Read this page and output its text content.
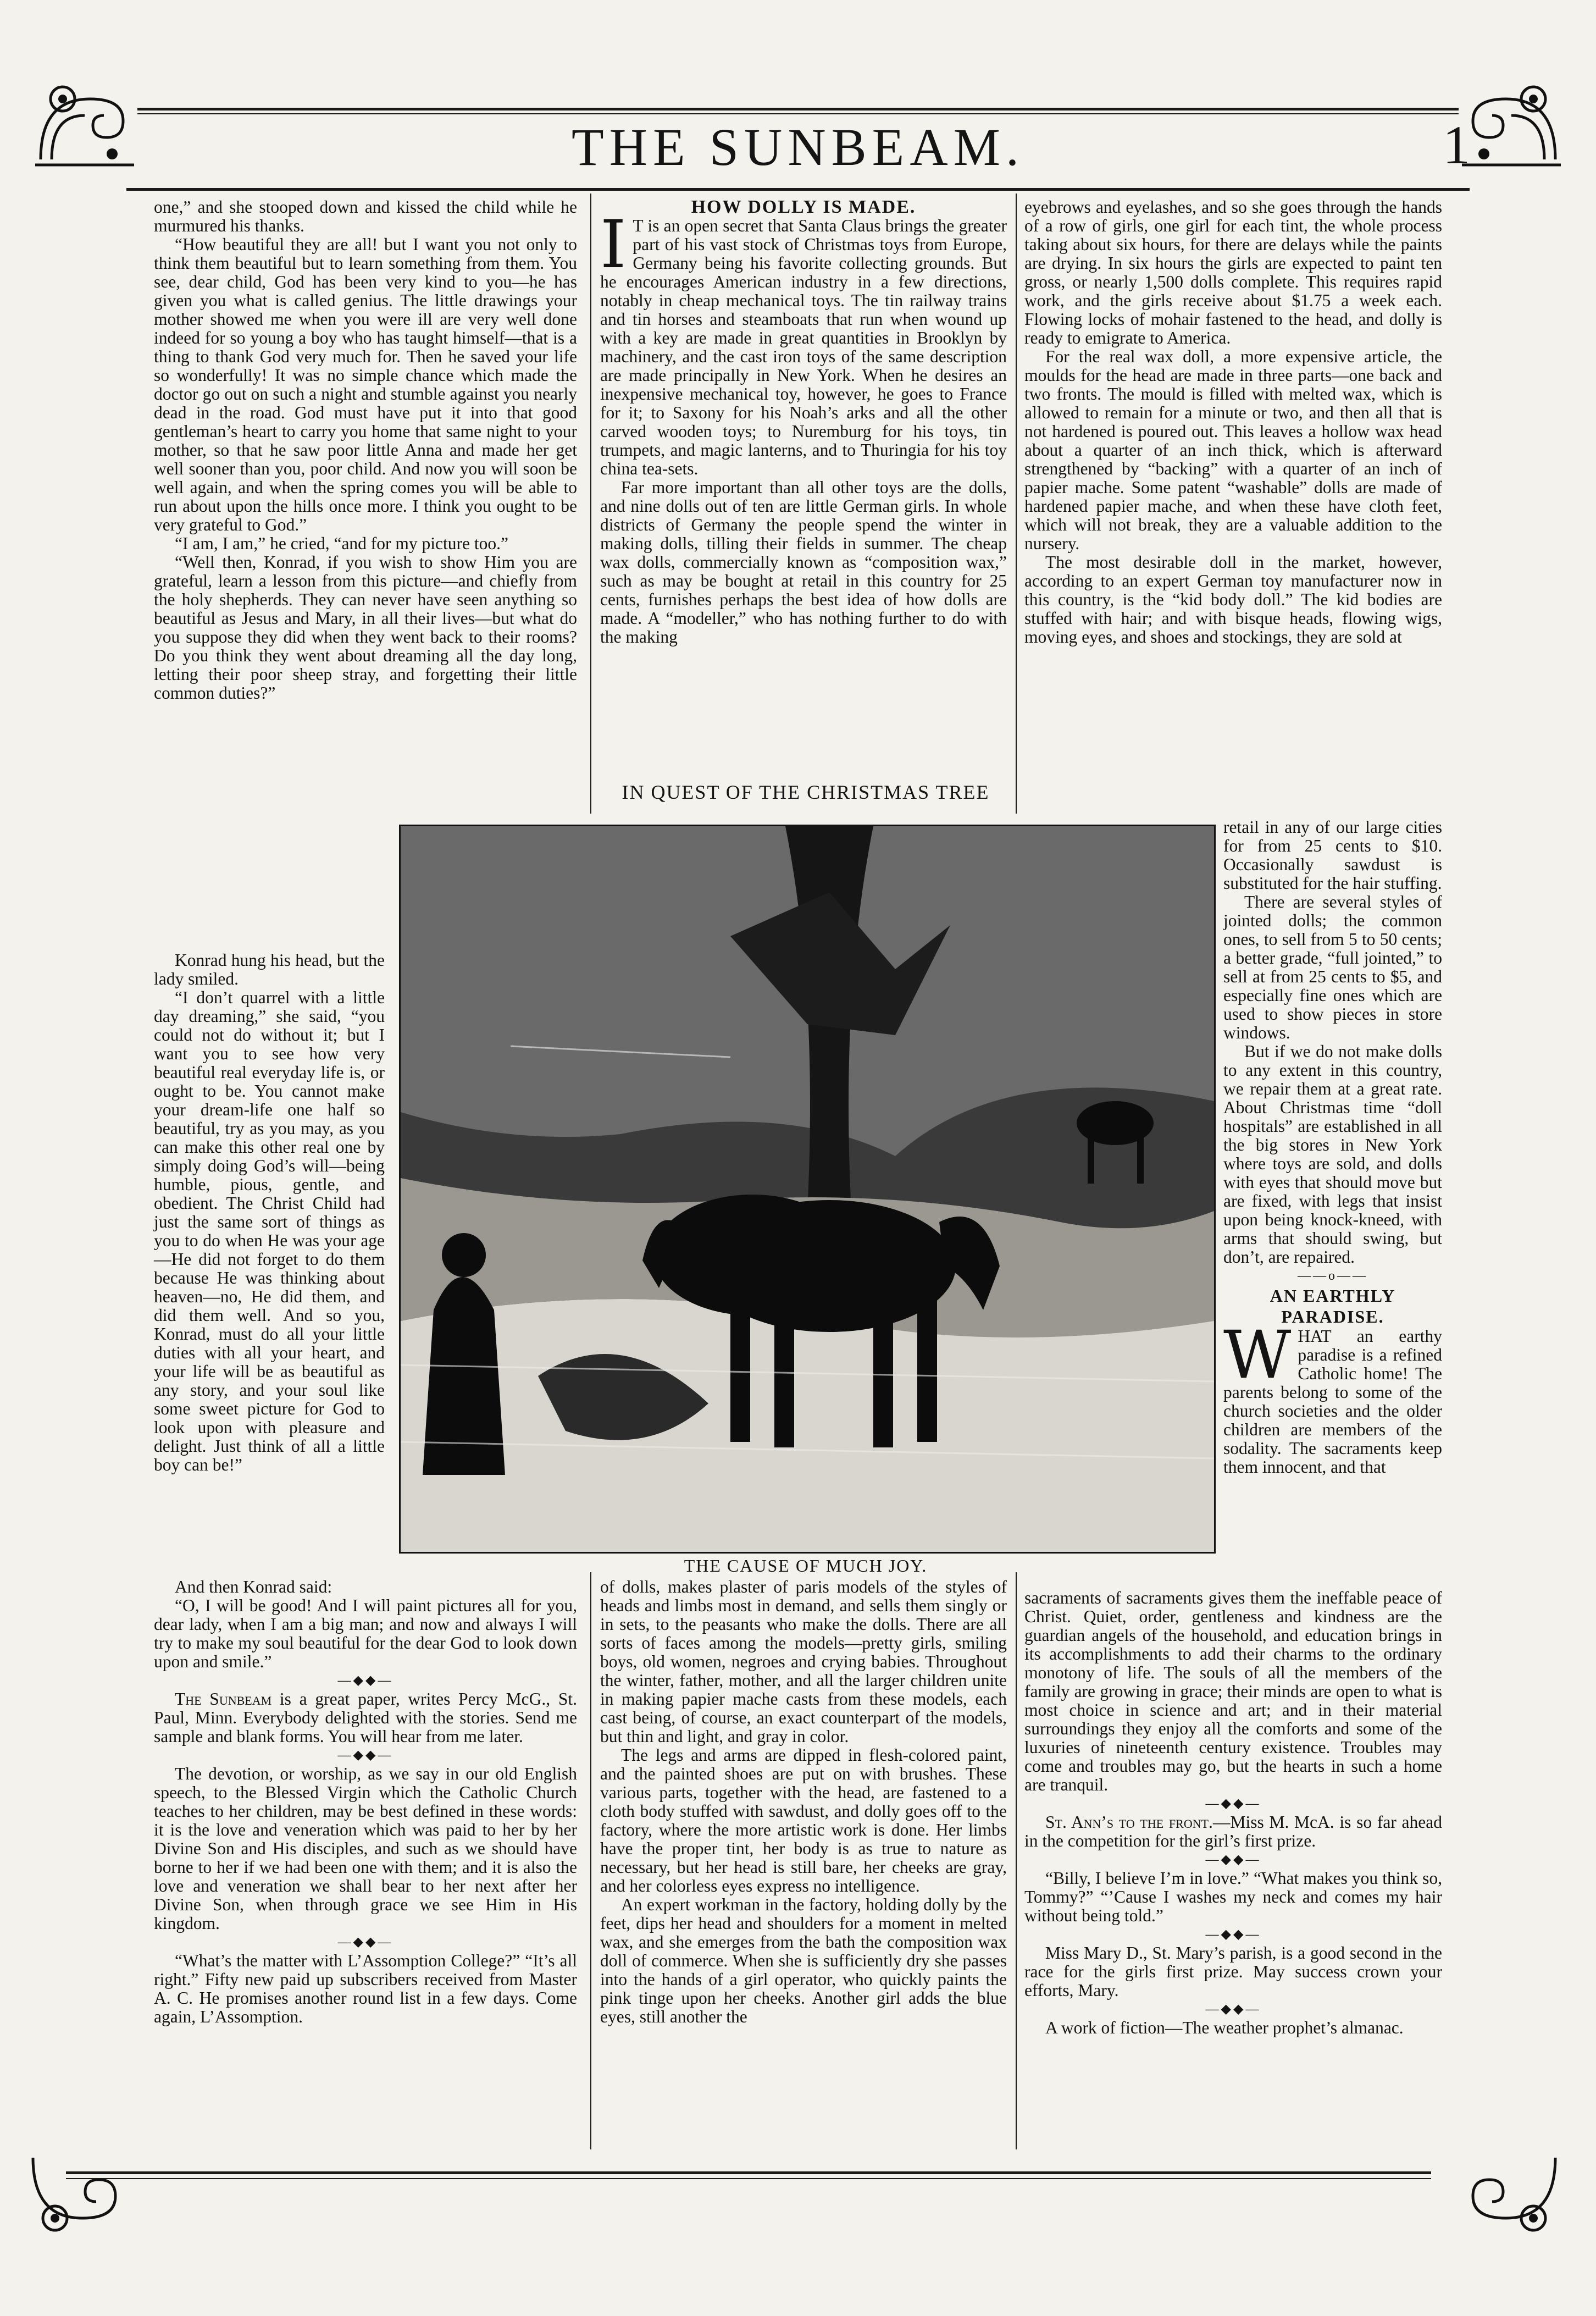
THE SUNBEAM.	1

one,” and she stooped down and kissed the child while he murmured his thanks.

“How beautiful they are all! but I want you not only to think them beautiful but to learn something from them. You see, dear child, God has been very kind to you—he has given you what is called genius. The little drawings your mother showed me when you were ill are very well done indeed for so young a boy who has taught himself—that is a thing to thank God very much for. Then he saved your life so wonderfully! It was no simple chance which made the doctor go out on such a night and stumble against you nearly dead in the road. God must have put it into that good gentleman’s heart to carry you home that same night to your mother, so that he saw poor little Anna and made her get well sooner than you, poor child. And now you will soon be well again, and when the spring comes you will be able to run about upon the hills once more. I think you ought to be very grateful to God.”

“I am, I am,” he cried, “and for my picture too.”

“Well then, Konrad, if you wish to show Him you are grateful, learn a lesson from this picture—and chiefly from the holy shepherds. They can never have seen anything so beautiful as Jesus and Mary, in all their lives—but what do you suppose they did when they went back to their rooms? Do you think they went about dreaming all the day long, letting their poor sheep stray, and forgetting their little common duties?”

Konrad hung his head, but the lady smiled.

“I don’t quarrel with a little day dreaming,” she said, “you could not do without it; but I want you to see how very beautiful real everyday life is, or ought to be. You cannot make your dream-life one half so beautiful, try as you may, as you can make this other real one by simply doing God’s will—being humble, pious, gentle, and obedient. The Christ Child had just the same sort of things as you to do when He was your age—He did not forget to do them because He was thinking about heaven—no, He did them, and did them well. And so you, Konrad, must do all your little duties with all your heart, and your life will be as beautiful as any story, and your soul like some sweet picture for God to look upon with pleasure and delight. Just think of all a little boy can be!”

And then Konrad said:

“O, I will be good! And I will paint pictures all for you, dear lady, when I am a big man; and now and always I will try to make my soul beautiful for the dear God to look down upon and smile.”

—◆◆—

The Sunbeam is a great paper, writes Percy McG., St. Paul, Minn. Everybody delighted with the stories. Send me sample and blank forms. You will hear from me later.

—◆◆—

The devotion, or worship, as we say in our old English speech, to the Blessed Virgin which the Catholic Church teaches to her children, may be best defined in these words: it is the love and veneration which was paid to her by her Divine Son and His disciples, and such as we should have borne to her if we had been one with them; and it is also the love and veneration we shall bear to her next after her Divine Son, when through grace we see Him in His kingdom.

—◆◆—

“What’s the matter with L’Assomption College?” “It’s all right.” Fifty new paid up subscribers received from Master A. C. He promises another round list in a few days. Come again, L’Assomption.

HOW DOLLY IS MADE.

I T is an open secret that Santa Claus brings the greater part of his vast stock of Christmas toys from Europe, Germany being his favorite collecting grounds. But he encourages American industry in a few directions, notably in cheap mechanical toys. The tin railway trains and tin horses and steamboats that run when wound up with a key are made in great quantities in Brooklyn by machinery, and the cast iron toys of the same description are made principally in New York. When he desires an inexpensive mechanical toy, however, he goes to France for it; to Saxony for his Noah’s arks and all the other carved wooden toys; to Nuremburg for his toys, tin trumpets, and magic lanterns, and to Thuringia for his toy china tea-sets.

Far more important than all other toys are the dolls, and nine dolls out of ten are little German girls. In whole districts of Germany the people spend the winter in making dolls, tilling their fields in summer. The cheap wax dolls, commercially known as “composition wax,” such as may be bought at retail in this country for 25 cents, furnishes perhaps the best idea of how dolls are made. A “modeller,” who has nothing further to do with the making

of dolls, makes plaster of paris models of the styles of heads and limbs most in demand, and sells them singly or in sets, to the peasants who make the dolls. There are all sorts of faces among the models—pretty girls, smiling boys, old women, negroes and crying babies. Throughout the winter, father, mother, and all the larger children unite in making papier mache casts from these models, each cast being, of course, an exact counterpart of the models, but thin and light, and gray in color.

The legs and arms are dipped in flesh-colored paint, and the painted shoes are put on with brushes. These various parts, together with the head, are fastened to a cloth body stuffed with sawdust, and dolly goes off to the factory, where the more artistic work is done. Her limbs have the proper tint, her body is as true to nature as necessary, but her head is still bare, her cheeks are gray, and her colorless eyes express no intelligence.

An expert workman in the factory, holding dolly by the feet, dips her head and shoulders for a moment in melted wax, and she emerges from the bath the composition wax doll of commerce. When she is sufficiently dry she passes into the hands of a girl operator, who quickly paints the pink tinge upon her cheeks. Another girl adds the blue eyes, still another the

eyebrows and eyelashes, and so she goes through the hands of a row of girls, one girl for each tint, the whole process taking about six hours, for there are delays while the paints are drying. In six hours the girls are expected to paint ten gross, or nearly 1,500 dolls complete. This requires rapid work, and the girls receive about $1.75 a week each. Flowing locks of mohair fastened to the head, and dolly is ready to emigrate to America.

For the real wax doll, a more expensive article, the moulds for the head are made in three parts—one back and two fronts. The mould is filled with melted wax, which is allowed to remain for a minute or two, and then all that is not hardened is poured out. This leaves a hollow wax head about a quarter of an inch thick, which is afterward strengthened by “backing” with a quarter of an inch of papier mache. Some patent “washable” dolls are made of hardened papier mache, and when these have cloth feet, which will not break, they are a valuable addition to the nursery.

The most desirable doll in the market, however, according to an expert German toy manufacturer now in this country, is the “kid body doll.” The kid bodies are stuffed with hair; and with bisque heads, flowing wigs, moving eyes, and shoes and stockings, they are sold at

retail in any of our large cities for from 25 cents to $10. Occasionally sawdust is substituted for the hair stuffing.

There are several styles of jointed dolls; the common ones, to sell from 5 to 50 cents; a better grade, “full jointed,” to sell at from 25 cents to $5, and especially fine ones which are used to show pieces in store windows.

But if we do not make dolls to any extent in this country, we repair them at a great rate. About Christmas time “doll hospitals” are established in all the big stores in New York where toys are sold, and dolls with eyes that should move but are fixed, with legs that insist upon being knock-kneed, with arms that should swing, but don’t, are repaired.

——o——

AN EARTHLY PARADISE.

WHAT an earthy paradise is a refined Catholic home! The parents belong to some of the church societies and the older children are members of the sodality. The sacraments keep them innocent, and that

sacraments of sacraments gives them the ineffable peace of Christ. Quiet, order, gentleness and kindness are the guardian angels of the household, and education brings in its accomplishments to add their charms to the ordinary monotony of life. The souls of all the members of the family are growing in grace; their minds are open to what is most choice in science and art; and in their material surroundings they enjoy all the comforts and some of the luxuries of nineteenth century existence. Troubles may come and troubles may go, but the hearts in such a home are tranquil.

—◆◆—

St. Ann’s to the front.—Miss M. McA. is so far ahead in the competition for the girl’s first prize.

—◆◆—

“Billy, I believe I’m in love.” “What makes you think so, Tommy?” “’Cause I washes my neck and comes my hair without being told.”

—◆◆—

Miss Mary D., St. Mary’s parish, is a good second in the race for the girls first prize. May success crown your efforts, Mary.

—◆◆—

A work of fiction—The weather prophet’s almanac.

IN QUEST OF THE CHRISTMAS TREE
THE CAUSE OF MUCH JOY.
